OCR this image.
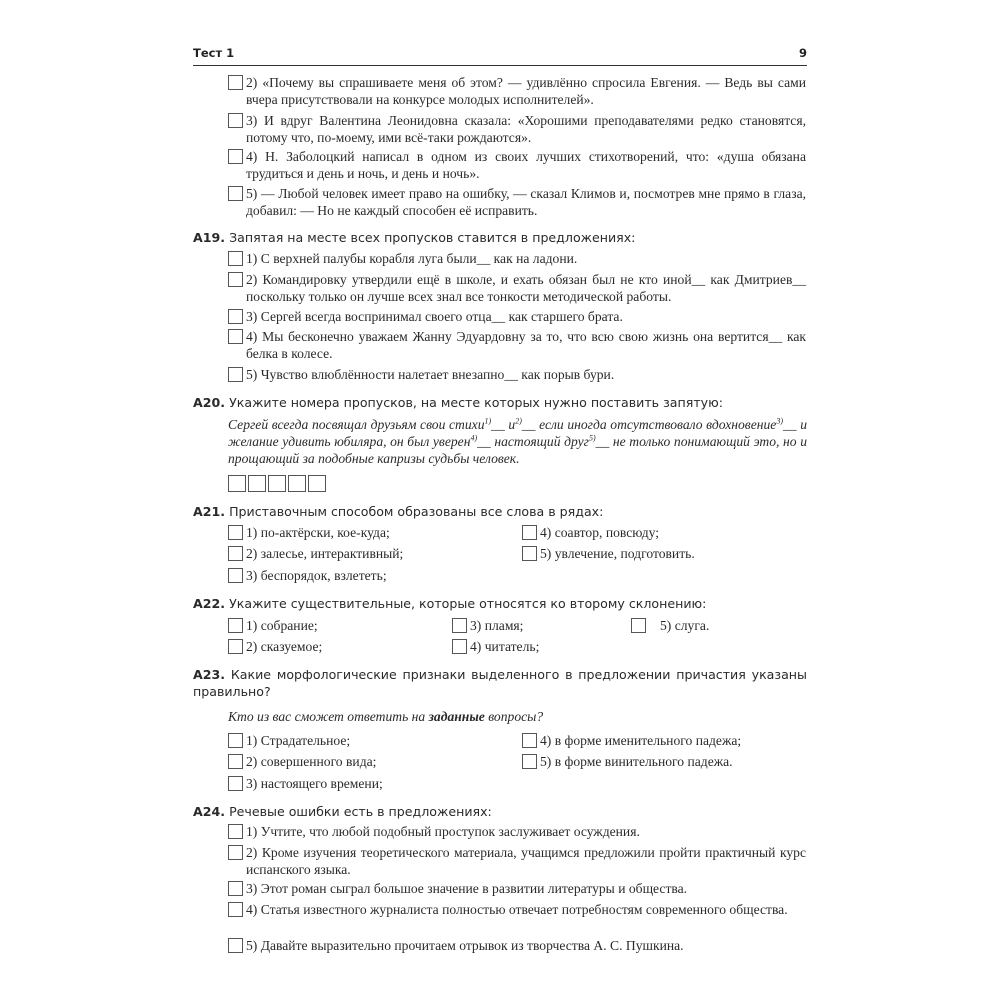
Тест 1	9
2) «Почему вы спрашиваете меня об этом? — удивлённо спросила Евгения. — Ведь вы сами вчера присутствовали на конкурсе молодых исполнителей».
3) И вдруг Валентина Леонидовна сказала: «Хорошими преподавателями редко становятся, потому что, по-моему, ими всё-таки рождаются».
4) Н. Заболоцкий написал в одном из своих лучших стихотворений, что: «душа обязана трудиться и день и ночь, и день и ночь».
5) — Любой человек имеет право на ошибку, — сказал Климов и, посмотрев мне прямо в глаза, добавил: — Но не каждый способен её исправить.
А19. Запятая на месте всех пропусков ставится в предложениях:
1) С верхней палубы корабля луга были__ как на ладони.
2) Командировку утвердили ещё в школе, и ехать обязан был не кто иной__ как Дмитриев__ поскольку только он лучше всех знал все тонкости методической работы.
3) Сергей всегда воспринимал своего отца__ как старшего брата.
4) Мы бесконечно уважаем Жанну Эдуардовну за то, что всю свою жизнь она вертится__ как белка в колесе.
5) Чувство влюблённости налетает внезапно__ как порыв бури.
А20. Укажите номера пропусков, на месте которых нужно поставить запятую:
Сергей всегда посвящал друзьям свои стихи$^{1)}$__ $и^{2)}\_\_$ если иногда отсутствовало вдохновение$^{3)}$__ и желание удивить юбиляра, он был уверен$^{4)}$__ настоящий друг$^{5)}$__ не только понимающий это, но и прощающий за подобные капризы судьбы человек.
А21. Приставочным способом образованы все слова в рядах:
1) по-актёрски, кое-куда;
2) залесье, интерактивный;
3) беспорядок, взлететь;
4) соавтор, повсюду;
5) увлечение, подготовить.
А22. Укажите существительные, которые относятся ко второму склонению:
1) собрание;
2) сказуемое;
3) пламя;
4) читатель;
5) слуга.
А23. Какие морфологические признаки выделенного в предложении причастия указаны правильно?
Кто из вас сможет ответить на заданные вопросы?
1) Страдательное;
2) совершенного вида;
3) настоящего времени;
4) в форме именительного падежа;
5) в форме винительного падежа.
А24. Речевые ошибки есть в предложениях:
1) Учтите, что любой подобный проступок заслуживает осуждения.
2) Кроме изучения теоретического материала, учащимся предложили пройти практичный курс испанского языка.
3) Этот роман сыграл большое значение в развитии литературы и общества.
4) Статья известного журналиста полностью отвечает потребностям современного общества.
5) Давайте выразительно прочитаем отрывок из творчества А. С. Пушкина.
